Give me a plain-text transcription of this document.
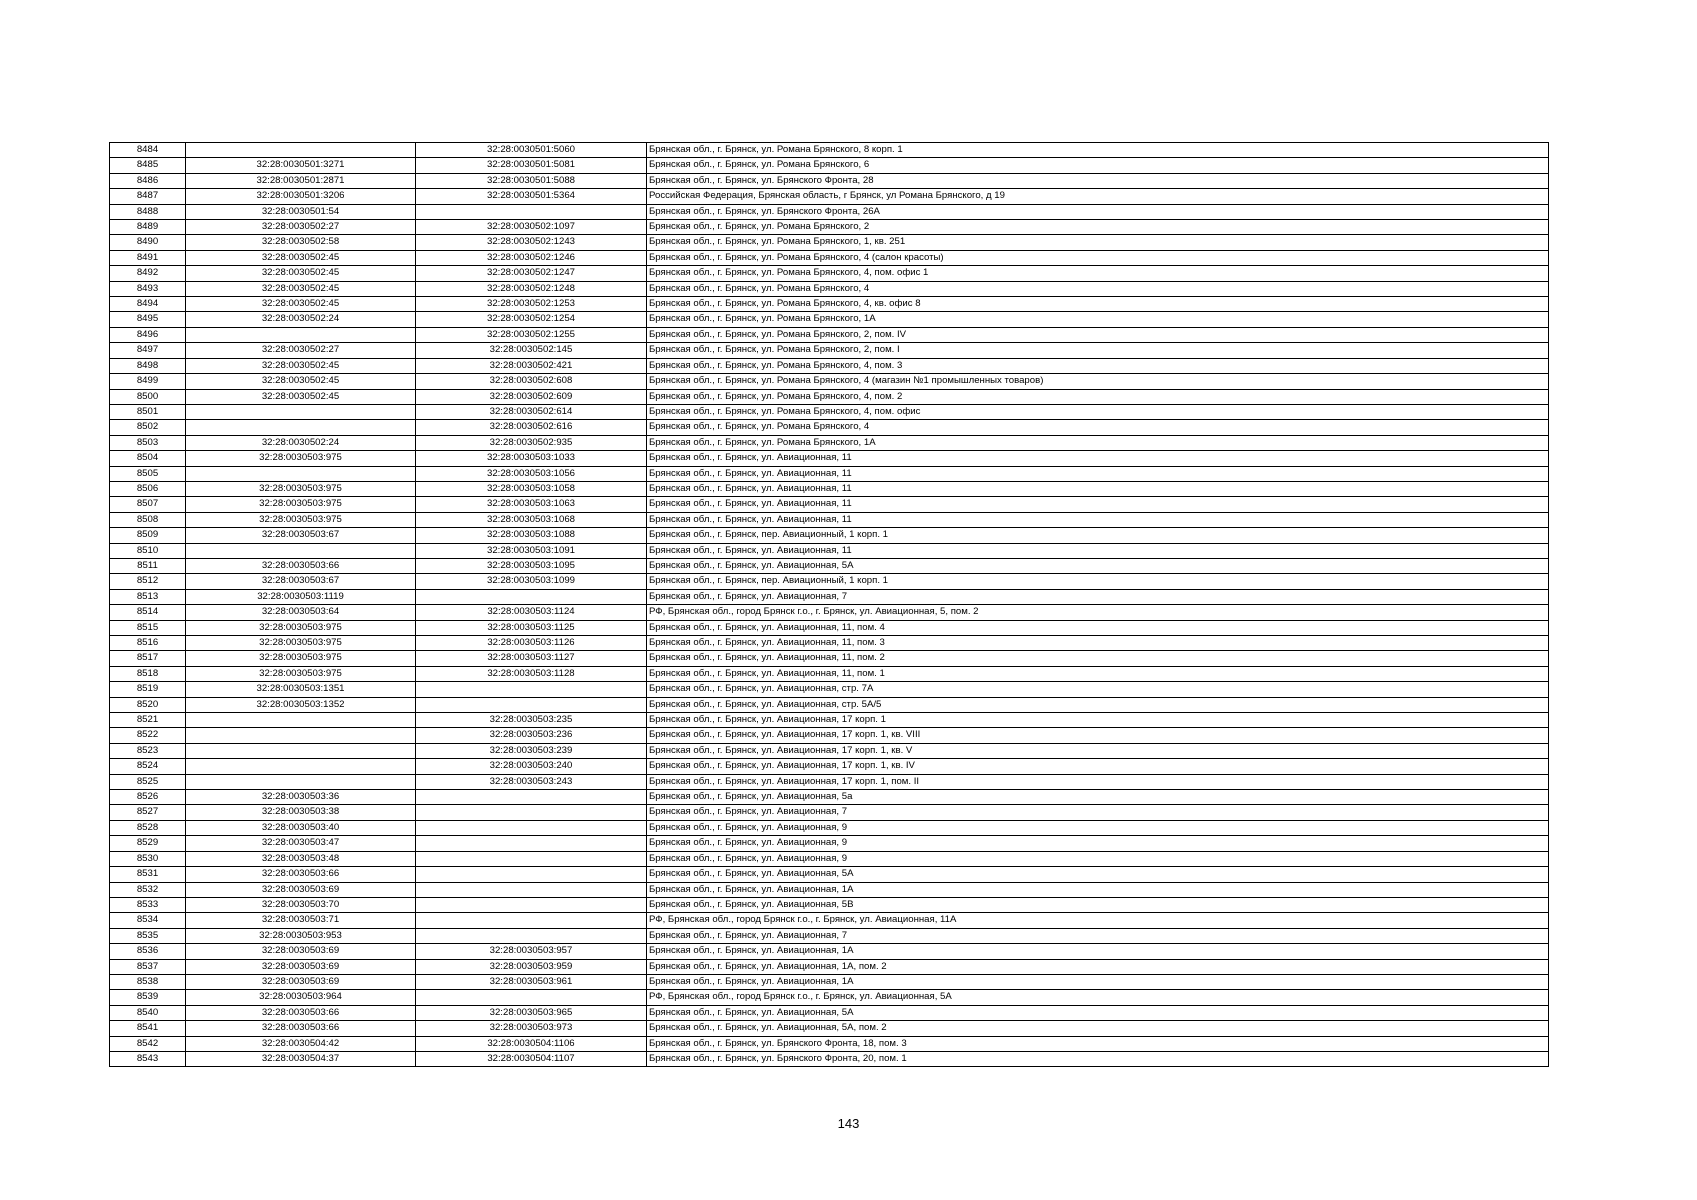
8484		32:28:0030501:5060	Брянская обл., г. Брянск, ул. Романа Брянского, 8 корп. 1
8485	32:28:0030501:3271	32:28:0030501:5081	Брянская обл., г. Брянск, ул. Романа Брянского, 6
8486	32:28:0030501:2871	32:28:0030501:5088	Брянская обл., г. Брянск, ул. Брянского Фронта, 28
8487	32:28:0030501:3206	32:28:0030501:5364	Российская Федерация, Брянская область, г Брянск, ул Романа Брянского, д 19
8488	32:28:0030501:54		Брянская обл., г. Брянск, ул. Брянского Фронта, 26А
8489	32:28:0030502:27	32:28:0030502:1097	Брянская обл., г. Брянск, ул. Романа Брянского, 2
8490	32:28:0030502:58	32:28:0030502:1243	Брянская обл., г. Брянск, ул. Романа Брянского, 1, кв. 251
8491	32:28:0030502:45	32:28:0030502:1246	Брянская обл., г. Брянск, ул. Романа Брянского, 4 (салон красоты)
8492	32:28:0030502:45	32:28:0030502:1247	Брянская обл., г. Брянск, ул. Романа Брянского, 4, пом. офис 1
8493	32:28:0030502:45	32:28:0030502:1248	Брянская обл., г. Брянск, ул. Романа Брянского, 4
8494	32:28:0030502:45	32:28:0030502:1253	Брянская обл., г. Брянск, ул. Романа Брянского, 4, кв. офис 8
8495	32:28:0030502:24	32:28:0030502:1254	Брянская обл., г. Брянск, ул. Романа Брянского, 1А
8496		32:28:0030502:1255	Брянская обл., г. Брянск, ул. Романа Брянского, 2, пом. IV
8497	32:28:0030502:27	32:28:0030502:145	Брянская обл., г. Брянск, ул. Романа Брянского, 2, пом. I
8498	32:28:0030502:45	32:28:0030502:421	Брянская обл., г. Брянск, ул. Романа Брянского, 4, пом. 3
8499	32:28:0030502:45	32:28:0030502:608	Брянская обл., г. Брянск, ул. Романа Брянского, 4 (магазин №1 промышленных товаров)
8500	32:28:0030502:45	32:28:0030502:609	Брянская обл., г. Брянск, ул. Романа Брянского, 4, пом. 2
8501		32:28:0030502:614	Брянская обл., г. Брянск, ул. Романа Брянского, 4, пом. офис
8502		32:28:0030502:616	Брянская обл., г. Брянск, ул. Романа Брянского, 4
8503	32:28:0030502:24	32:28:0030502:935	Брянская обл., г. Брянск, ул. Романа Брянского, 1А
8504	32:28:0030503:975	32:28:0030503:1033	Брянская обл., г. Брянск, ул. Авиационная, 11
8505		32:28:0030503:1056	Брянская обл., г. Брянск, ул. Авиационная, 11
8506	32:28:0030503:975	32:28:0030503:1058	Брянская обл., г. Брянск, ул. Авиационная, 11
8507	32:28:0030503:975	32:28:0030503:1063	Брянская обл., г. Брянск, ул. Авиационная, 11
8508	32:28:0030503:975	32:28:0030503:1068	Брянская обл., г. Брянск, ул. Авиационная, 11
8509	32:28:0030503:67	32:28:0030503:1088	Брянская обл., г. Брянск, пер. Авиационный, 1 корп. 1
8510		32:28:0030503:1091	Брянская обл., г. Брянск, ул. Авиационная, 11
8511	32:28:0030503:66	32:28:0030503:1095	Брянская обл., г. Брянск, ул. Авиационная, 5А
8512	32:28:0030503:67	32:28:0030503:1099	Брянская обл., г. Брянск, пер. Авиационный, 1 корп. 1
8513	32:28:0030503:1119		Брянская обл., г. Брянск, ул. Авиационная, 7
8514	32:28:0030503:64	32:28:0030503:1124	РФ, Брянская обл., город Брянск г.о., г. Брянск, ул. Авиационная, 5, пом. 2
8515	32:28:0030503:975	32:28:0030503:1125	Брянская обл., г. Брянск, ул. Авиационная, 11, пом. 4
8516	32:28:0030503:975	32:28:0030503:1126	Брянская обл., г. Брянск, ул. Авиационная, 11, пом. 3
8517	32:28:0030503:975	32:28:0030503:1127	Брянская обл., г. Брянск, ул. Авиационная, 11, пом. 2
8518	32:28:0030503:975	32:28:0030503:1128	Брянская обл., г. Брянск, ул. Авиационная, 11, пом. 1
8519	32:28:0030503:1351		Брянская обл., г. Брянск, ул. Авиационная, стр. 7А
8520	32:28:0030503:1352		Брянская обл., г. Брянск, ул. Авиационная, стр. 5А/5
8521		32:28:0030503:235	Брянская обл., г. Брянск, ул. Авиационная, 17 корп. 1
8522		32:28:0030503:236	Брянская обл., г. Брянск, ул. Авиационная, 17 корп. 1, кв. VIII
8523		32:28:0030503:239	Брянская обл., г. Брянск, ул. Авиационная, 17 корп. 1, кв. V
8524		32:28:0030503:240	Брянская обл., г. Брянск, ул. Авиационная, 17 корп. 1, кв. IV
8525		32:28:0030503:243	Брянская обл., г. Брянск, ул. Авиационная, 17 корп. 1, пом. II
8526	32:28:0030503:36		Брянская обл., г. Брянск, ул. Авиационная, 5а
8527	32:28:0030503:38		Брянская обл., г. Брянск, ул. Авиационная, 7
8528	32:28:0030503:40		Брянская обл., г. Брянск, ул. Авиационная, 9
8529	32:28:0030503:47		Брянская обл., г. Брянск, ул. Авиационная, 9
8530	32:28:0030503:48		Брянская обл., г. Брянск, ул. Авиационная, 9
8531	32:28:0030503:66		Брянская обл., г. Брянск, ул. Авиационная, 5А
8532	32:28:0030503:69		Брянская обл., г. Брянск, ул. Авиационная, 1А
8533	32:28:0030503:70		Брянская обл., г. Брянск, ул. Авиационная, 5В
8534	32:28:0030503:71		РФ, Брянская обл., город Брянск г.о., г. Брянск, ул. Авиационная, 11А
8535	32:28:0030503:953		Брянская обл., г. Брянск, ул. Авиационная, 7
8536	32:28:0030503:69	32:28:0030503:957	Брянская обл., г. Брянск, ул. Авиационная, 1А
8537	32:28:0030503:69	32:28:0030503:959	Брянская обл., г. Брянск, ул. Авиационная, 1А, пом. 2
8538	32:28:0030503:69	32:28:0030503:961	Брянская обл., г. Брянск, ул. Авиационная, 1А
8539	32:28:0030503:964		РФ, Брянская обл., город Брянск г.о., г. Брянск, ул. Авиационная, 5А
8540	32:28:0030503:66	32:28:0030503:965	Брянская обл., г. Брянск, ул. Авиационная, 5А
8541	32:28:0030503:66	32:28:0030503:973	Брянская обл., г. Брянск, ул. Авиационная, 5А, пом. 2
8542	32:28:0030504:42	32:28:0030504:1106	Брянская обл., г. Брянск, ул. Брянского Фронта, 18, пом. 3
8543	32:28:0030504:37	32:28:0030504:1107	Брянская обл., г. Брянск, ул. Брянского Фронта, 20, пом. 1
143
